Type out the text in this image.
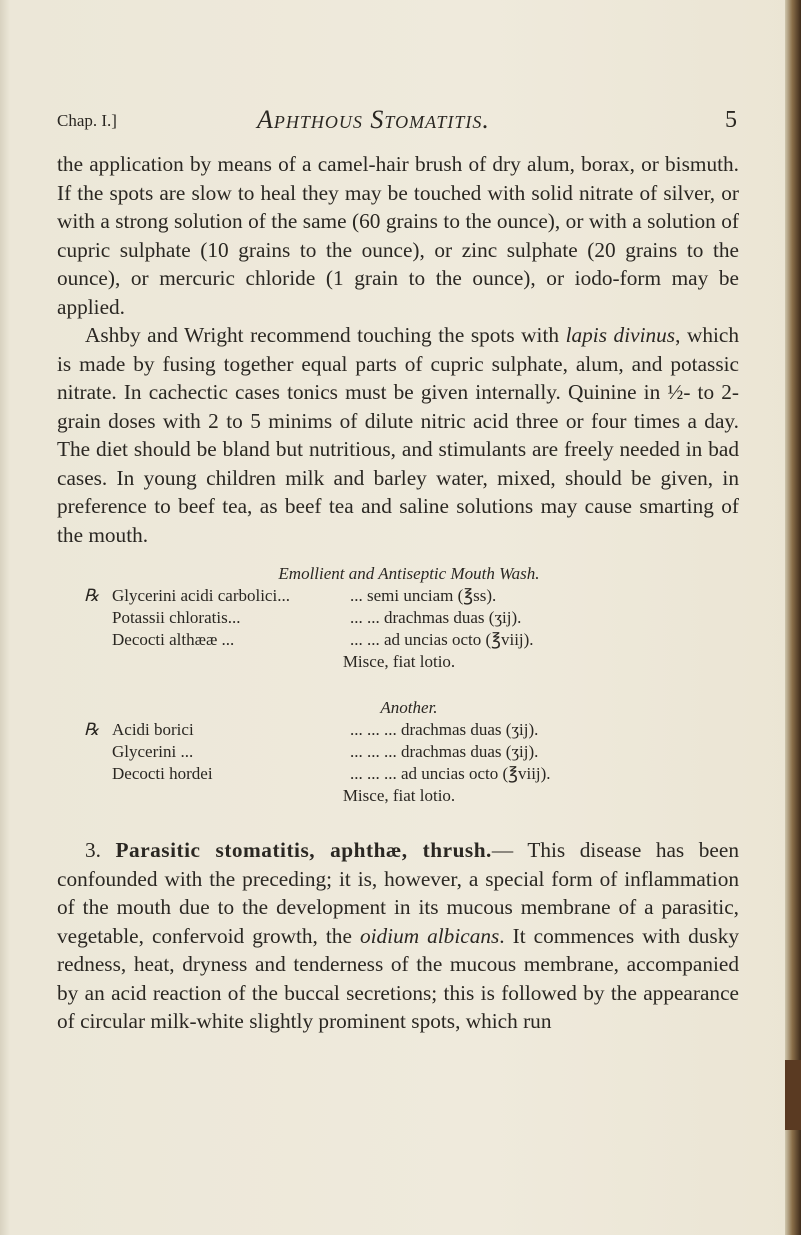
Chap. I.]	Aphthous Stomatitis.	5

the application by means of a camel-hair brush of dry alum, borax, or bismuth. If the spots are slow to heal they may be touched with solid nitrate of silver, or with a strong solution of the same (60 grains to the ounce), or with a solution of cupric sulphate (10 grains to the ounce), or zinc sulphate (20 grains to the ounce), or mercuric chloride (1 grain to the ounce), or iodo-form may be applied.

Ashby and Wright recommend touching the spots with lapis divinus, which is made by fusing together equal parts of cupric sulphate, alum, and potassic nitrate. In cachectic cases tonics must be given internally. Quinine in ½- to 2-grain doses with 2 to 5 minims of dilute nitric acid three or four times a day. The diet should be bland but nutritious, and stimulants are freely needed in bad cases. In young children milk and barley water, mixed, should be given, in preference to beef tea, as beef tea and saline solutions may cause smarting of the mouth.

Emollient and Antiseptic Mouth Wash.
℞ Glycerini acidi carbolici...	... semi unciam (℥ss).
Potassii chloratis...	... ... drachmas duas (ʒij).
Decocti althææ ...	... ... ad uncias octo (℥viij).
Misce, fiat lotio.
Another.
℞ Acidi borici	... ... ... drachmas duas (ʒij).
Glycerini ...	... ... ... drachmas duas (ʒij).
Decocti hordei	... ... ... ad uncias octo (℥viij).
Misce, fiat lotio.

3. Parasitic stomatitis, aphthæ, thrush.— This disease has been confounded with the preceding; it is, however, a special form of inflammation of the mouth due to the development in its mucous membrane of a parasitic, vegetable, confervoid growth, the oidium albicans. It commences with dusky redness, heat, dryness and tenderness of the mucous membrane, accompanied by an acid reaction of the buccal secretions; this is followed by the appearance of circular milk-white slightly prominent spots, which run
